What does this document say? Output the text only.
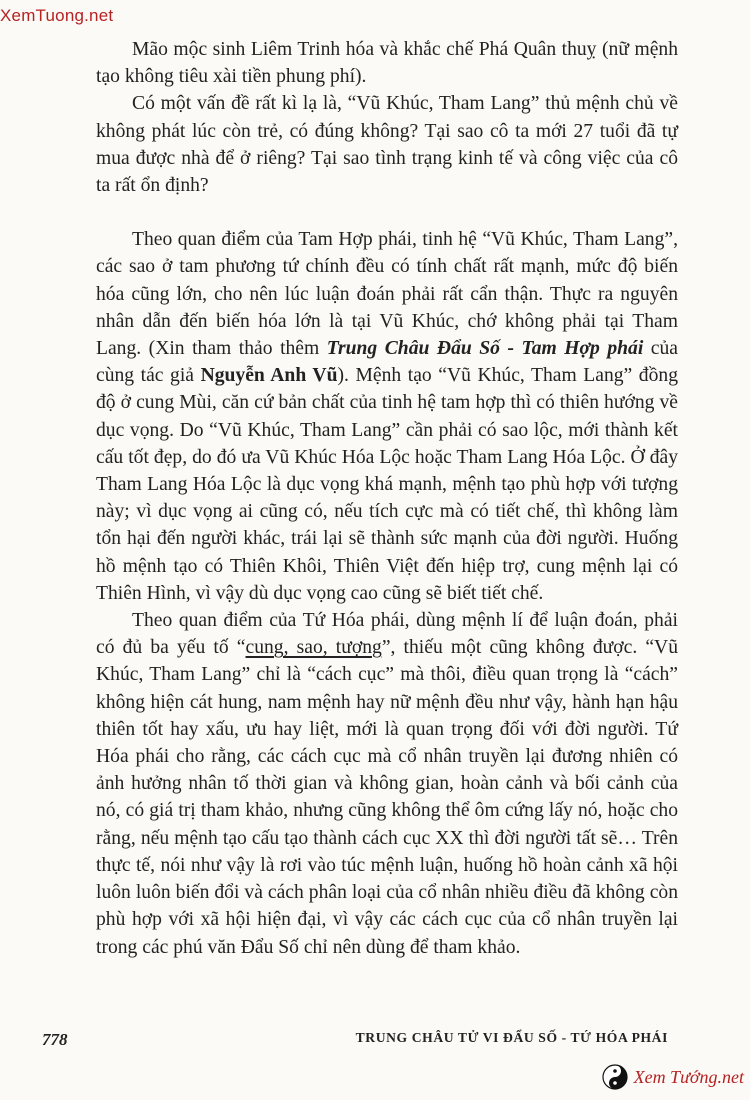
XemTuong.net

Mão mộc sinh Liêm Trinh hóa và khắc chế Phá Quân thuỵ (nữ mệnh tạo không tiêu xài tiền phung phí).

Có một vấn đề rất kì lạ là, “Vũ Khúc, Tham Lang” thủ mệnh chủ về không phát lúc còn trẻ, có đúng không? Tại sao cô ta mới 27 tuổi đã tự mua được nhà để ở riêng? Tại sao tình trạng kinh tế và công việc của cô ta rất ổn định?

Theo quan điểm của Tam Hợp phái, tinh hệ “Vũ Khúc, Tham Lang”, các sao ở tam phương tứ chính đều có tính chất rất mạnh, mức độ biến hóa cũng lớn, cho nên lúc luận đoán phải rất cẩn thận. Thực ra nguyên nhân dẫn đến biến hóa lớn là tại Vũ Khúc, chớ không phải tại Tham Lang. (Xin tham thảo thêm Trung Châu Đẩu Số - Tam Hợp phái của cùng tác giả Nguyễn Anh Vũ). Mệnh tạo “Vũ Khúc, Tham Lang” đồng độ ở cung Mùi, căn cứ bản chất của tinh hệ tam hợp thì có thiên hướng về dục vọng. Do “Vũ Khúc, Tham Lang” cần phải có sao lộc, mới thành kết cấu tốt đẹp, do đó ưa Vũ Khúc Hóa Lộc hoặc Tham Lang Hóa Lộc. Ở đây Tham Lang Hóa Lộc là dục vọng khá mạnh, mệnh tạo phù hợp với tượng này; vì dục vọng ai cũng có, nếu tích cực mà có tiết chế, thì không làm tổn hại đến người khác, trái lại sẽ thành sức mạnh của đời người. Huống hồ mệnh tạo có Thiên Khôi, Thiên Việt đến hiệp trợ, cung mệnh lại có Thiên Hình, vì vậy dù dục vọng cao cũng sẽ biết tiết chế.

Theo quan điểm của Tứ Hóa phái, dùng mệnh lí để luận đoán, phải có đủ ba yếu tố “cung, sao, tượng”, thiếu một cũng không được. “Vũ Khúc, Tham Lang” chỉ là “cách cục” mà thôi, điều quan trọng là “cách” không hiện cát hung, nam mệnh hay nữ mệnh đều như vậy, hành hạn hậu thiên tốt hay xấu, ưu hay liệt, mới là quan trọng đối với đời người. Tứ Hóa phái cho rằng, các cách cục mà cổ nhân truyền lại đương nhiên có ảnh hưởng nhân tố thời gian và không gian, hoàn cảnh và bối cảnh của nó, có giá trị tham khảo, nhưng cũng không thể ôm cứng lấy nó, hoặc cho rằng, nếu mệnh tạo cấu tạo thành cách cục XX thì đời người tất sẽ… Trên thực tế, nói như vậy là rơi vào túc mệnh luận, huống hồ hoàn cảnh xã hội luôn luôn biến đổi và cách phân loại của cổ nhân nhiều điều đã không còn phù hợp với xã hội hiện đại, vì vậy các cách cục của cổ nhân truyền lại trong các phú văn Đẩu Số chỉ nên dùng để tham khảo.

778	TRUNG CHÂU TỬ VI ĐẨU SỐ - TỨ HÓA PHÁI
Xem Tướng.net
